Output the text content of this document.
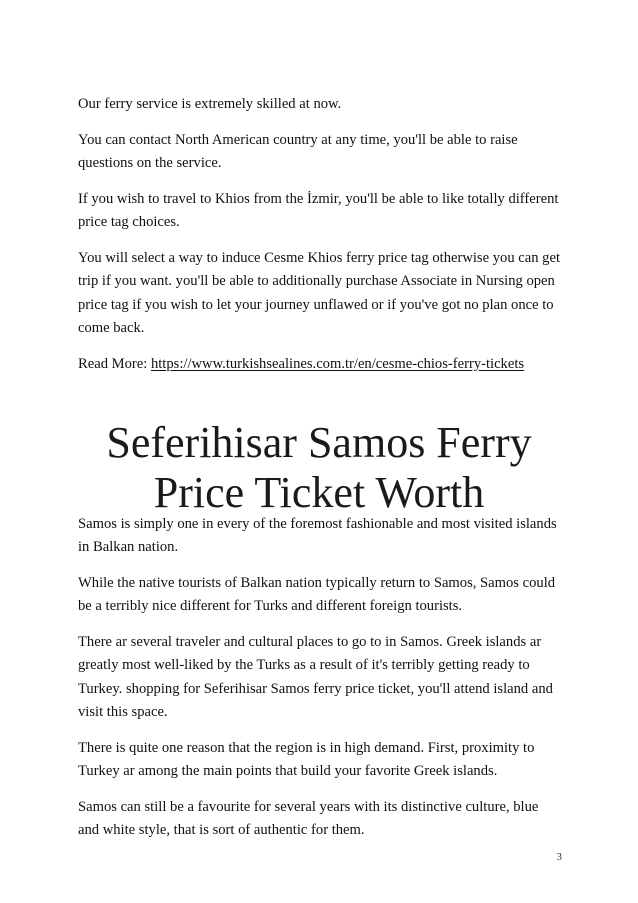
Our ferry service is extremely skilled at now.

You can contact North American country at any time, you'll be able to raise questions on the service.

If you wish to travel to Khios from the İzmir, you'll be able to like totally different price tag choices.

You will select a way to induce Cesme Khios ferry price tag otherwise you can get trip if you want. you'll be able to additionally purchase Associate in Nursing open price tag if you wish to let your journey unflawed or if you've got no plan once to come back.

Read More: https://www.turkishsealines.com.tr/en/cesme-chios-ferry-tickets

Seferihisar Samos Ferry
Price Ticket Worth

Samos is simply one in every of the foremost fashionable and most visited islands in Balkan nation.

While the native tourists of Balkan nation typically return to Samos, Samos could be a terribly nice different for Turks and different foreign tourists.

There ar several traveler and cultural places to go to in Samos. Greek islands ar greatly most well-liked by the Turks as a result of it's terribly getting ready to Turkey. shopping for Seferihisar Samos ferry price ticket, you'll attend island and visit this space.

There is quite one reason that the region is in high demand. First, proximity to Turkey ar among the main points that build your favorite Greek islands.

Samos can still be a favourite for several years with its distinctive culture, blue and white style, that is sort of authentic for them.

3
